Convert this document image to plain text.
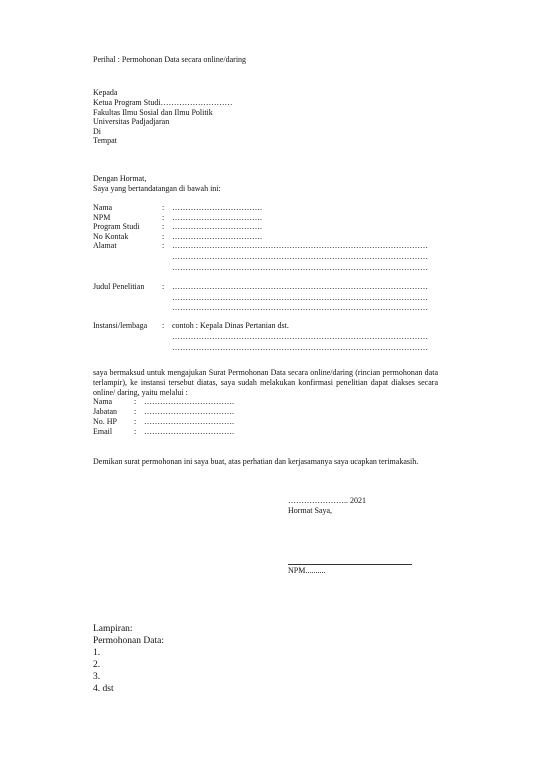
Perihal : Permohonan Data secara online/daring
Kepada
Ketua Program Studi………………………
Fakultas Ilmu Sosial dan Ilmu Politik
Universitas Padjadjaran
Di
Tempat
Dengan Hormat,
Saya yang bertandatangan di bawah ini:
Nama	: …………………………….
NPM	: …………………………….
Program Studi	: …………………………….
No Kontak	: …………………………….
Alamat	: ……………………………………………………………………………………
……………………………………………………………………………………
……………………………………………………………………………………
Judul Penelitian : ……………………………………………………………………………………
……………………………………………………………………………………
……………………………………………………………………………………
Instansi/lembaga : contoh : Kepala Dinas Pertanian dst.
……………………………………………………………………………………
……………………………………………………………………………………
saya bermaksud untuk mengajukan Surat Permohonan Data secara online/daring (rincian permohonan data terlampir), ke instansi tersebut diatas, saya sudah melakukan konfirmasi penelitian dapat diakses secara online/ daring, yaitu melalui :
Nama	: …………………………….
Jabatan : …………………………….
No. HP : …………………………….
Email	: …………………………….
Demikan surat permohonan ini saya buat, atas perhatian dan kerjasamanya saya ucapkan terimakasih.
………………….. 2021
Hormat Saya,
NPM..........
Lampiran:
Permohonan Data:
1.
2.
3.
4. dst
